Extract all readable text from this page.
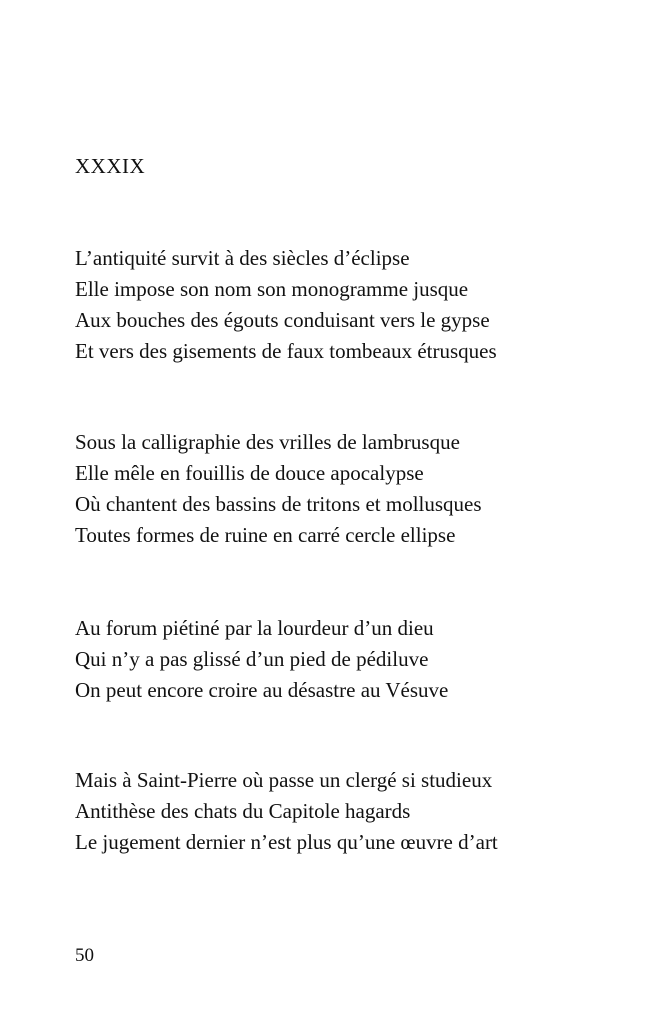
XXXIX
L’antiquité survit à des siècles d’éclipse
Elle impose son nom son monogramme jusque
Aux bouches des égouts conduisant vers le gypse
Et vers des gisements de faux tombeaux étrusques
Sous la calligraphie des vrilles de lambrusque
Elle mêle en fouillis de douce apocalypse
Où chantent des bassins de tritons et mollusques
Toutes formes de ruine en carré cercle ellipse
Au forum piétiné par la lourdeur d’un dieu
Qui n’y a pas glissé d’un pied de pédiluve
On peut encore croire au désastre au Vésuve
Mais à Saint-Pierre où passe un clergé si studieux
Antithèse des chats du Capitole hagards
Le jugement dernier n’est plus qu’une œuvre d’art
50
